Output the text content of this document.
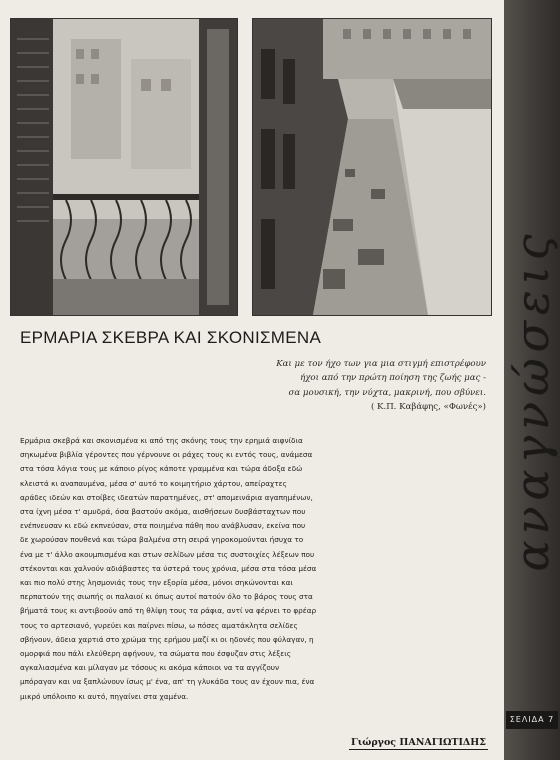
αναγνώσεις
ΣΕΛΙΔΑ 7
ΕΡΜΑΡΙΑ ΣΚΕΒΡΑ ΚΑΙ ΣΚΟΝΙΣΜΕΝΑ
Και με τον ήχο των για μια στιγμή επιστρέφουν
ήχοι από την πρώτη ποίηση της ζωής μας -
σα μουσική, την νύχτα, μακρινή, που σβύνει.
( Κ.Π. Καβάφης, «Φωνές»)
Ερμάρια σκεβρά και σκονισμένα κι από της σκόνης τους την ερημιά αιφνίδια
σηκωμένα βιβλία γέροντες που γέρνουνε οι ράχες τους κι εντός τους, ανάμεσα
στα τόσα λόγια τους με κάποιο ρίγος κάποτε γραμμένα και τώρα άδοξα εδώ
κλειστά κι αναπαυμένα, μέσα σ' αυτό το κοιμητήριο χάρτου, απείραχτες
αράδες ιδεών και στοίβες ιδεατών παρατημένες, στ' απομεινάρια αγαπημένων,
στα ίχνη μέσα τ' αμυδρά, όσα βαστούν ακόμα, αισθήσεων δυσβάσταχτων που
ενέπνευσαν κι εδώ εκπνεύσαν, στα ποιημένα πάθη που ανάβλυσαν, εκείνα που
δε χωρούσαν πουθενά και τώρα βαλμένα στη σειρά γηροκομούνται ήσυχα το
ένα με τ' άλλο ακουμπισμένα και στων σελίδων μέσα τις συστοιχίες λέξεων που
στέκονται και χαλνούν αδιάβαστες τα ύστερά τους χρόνια, μέσα στα τόσα μέσα
και πιο πολύ στης λησμονιάς τους την εξορία μέσα, μόνοι σηκώνονται και
περπατούν της σιωπής οι παλαιοί κι όπως αυτοί πατούν όλο το βάρος τους στα
βήματά τους κι αντιβοούν από τη θλίψη τους τα ράφια, αντί να φέρνει το φρέαρ
τους το αρτεσιανό, γυρεύει και παίρνει πίσω, ω πόσες αματάκλητα σελίδες
σβήνουν, άδεια χαρτιά στο χρώμα της ερήμου μαζί κι οι ηδονές που φύλαγαν, η
ομορφιά που πάλι ελεύθερη αφήνουν, τα σώματα που έσφυζαν στις λέξεις
αγκαλιασμένα και μίλαγαν με τόσους κι ακόμα κάποιοι να τα αγγίζουν
μπόραγαν και να ξαπλώνουν ίσως μ' ένα, απ' τη γλυκάδα τους αν έχουν πια, ένα
μικρό υπόλοιπο κι αυτό, πηγαίνει στα χαμένα.
Γιώργος ΠΑΝΑΓΙΩΤΙΔΗΣ
